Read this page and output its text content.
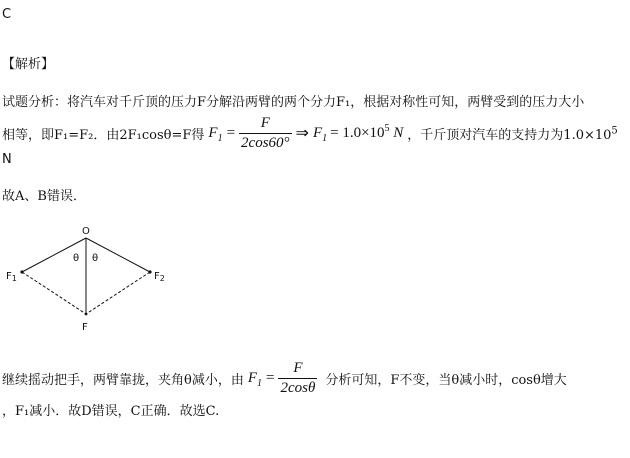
C
【解析】
试题分析：将汽车对千斤顶的压力F分解沿两臂的两个分力F₁，根据对称性可知，两臂受到的压力大小
相等，即F₁=F₂．由2F₁cosθ=F得 $F_1 = \frac{F}{2\cos 60^\circ}$ ⇒ $F_1 = 1.0\times 10^5$ N ，千斤顶对汽车的支持力为$1.0\times 10^5$
N
故A、B错误．
O
θ θ
$F_1$	$F_2$
F
继续摇动把手，两臂靠拢，夹角θ减小，由 $F_1 = \frac{F}{2\cos\theta}$ 分析可知，F不变，当θ减小时，cosθ增大
，F₁减小．故D错误，C正确．故选C.
